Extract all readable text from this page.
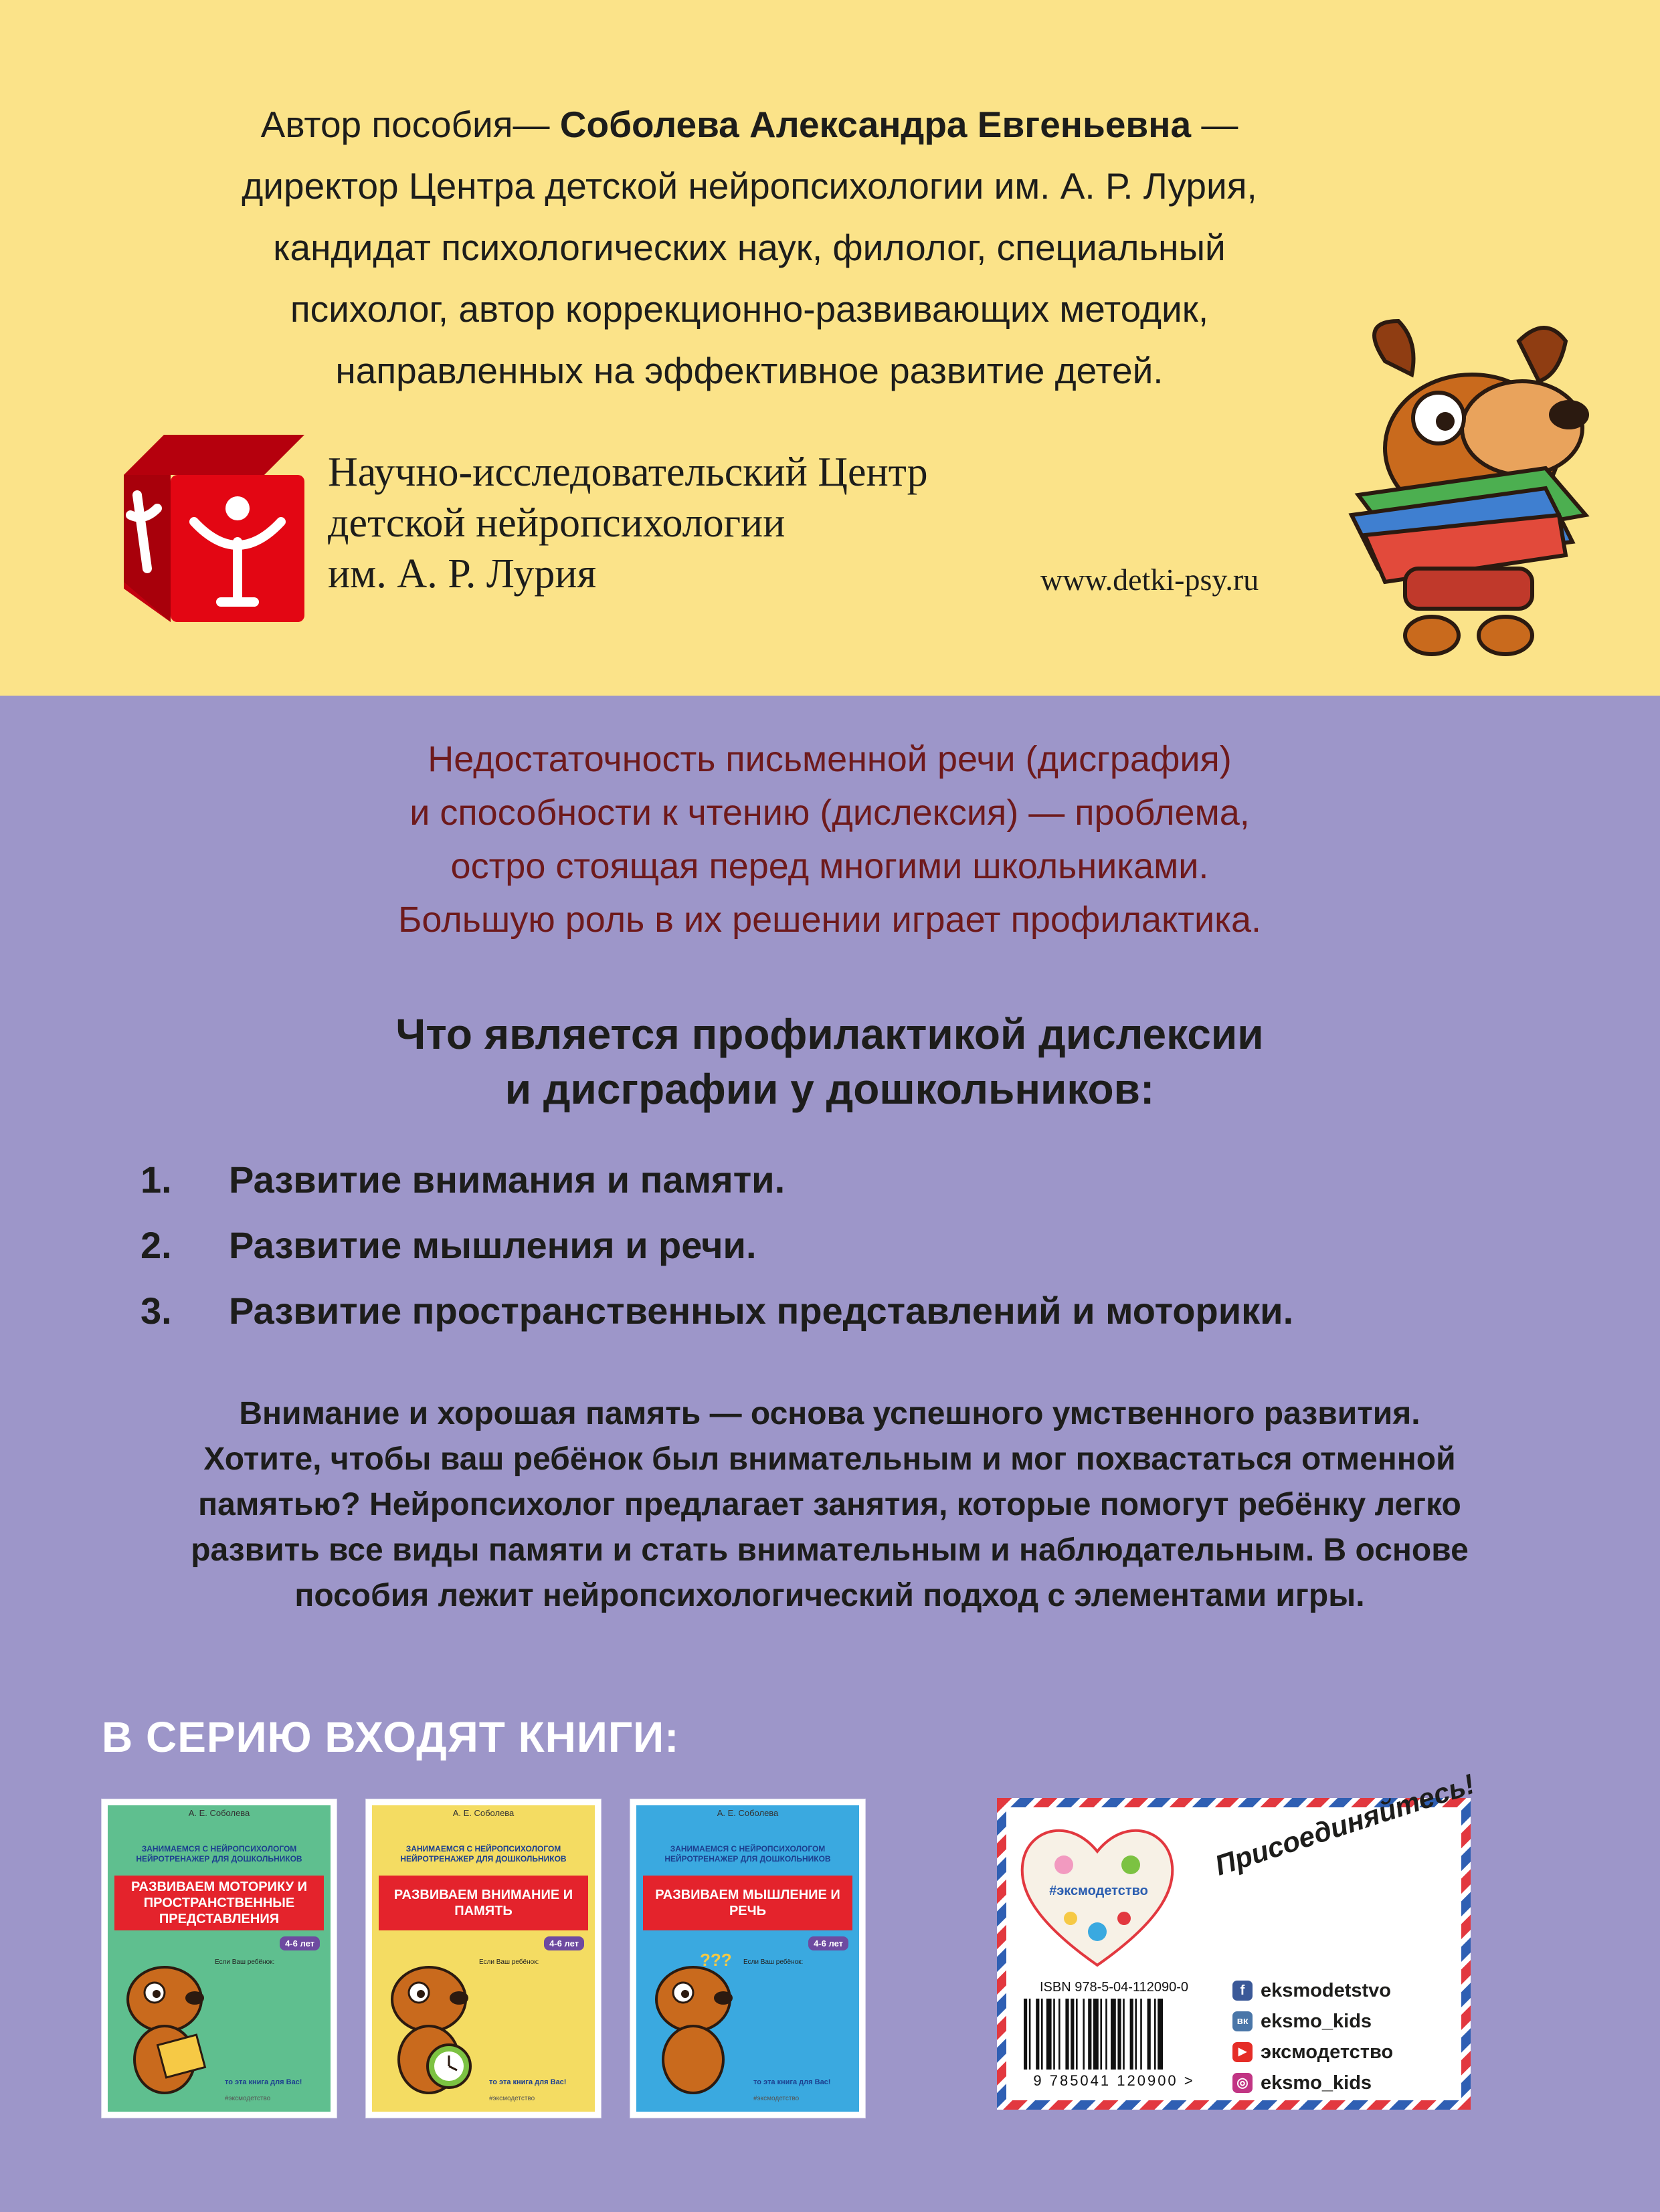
Автор пособия— Соболева Александра Евгеньевна —
директор Центра детской нейропсихологии им. А. Р. Лурия,
кандидат психологических наук, филолог, специальный
психолог, автор коррекционно-развивающих методик,
направленных на эффективное развитие детей.
Научно-исследовательский Центр
детской нейропсихологии
им. А. Р. Лурия	www.detki-psy.ru
Недостаточность письменной речи (дисграфия)
и способности к чтению (дислексия) — проблема,
остро стоящая перед многими школьниками.
Большую роль в их решении играет профилактика.
Что является профилактикой дислексии
и дисграфии у дошкольников:
1. Развитие внимания и памяти.
2. Развитие мышления и речи.
3. Развитие пространственных представлений и моторики.
Внимание и хорошая память — основа успешного умственного развития.
Хотите, чтобы ваш ребёнок был внимательным и мог похвастаться отменной
памятью? Нейропсихолог предлагает занятия, которые помогут ребёнку легко
развить все виды памяти и стать внимательным и наблюдательным. В основе
пособия лежит нейропсихологический подход с элементами игры.
В СЕРИЮ ВХОДЯТ КНИГИ:
А. Е. Соболева
ЗАНИМАЕМСЯ С НЕЙРОПСИХОЛОГОМ НЕЙРОТРЕНАЖЕР ДЛЯ ДОШКОЛЬНИКОВ
РАЗВИВАЕМ МОТОРИКУ И ПРОСТРАНСТВЕННЫЕ ПРЕДСТАВЛЕНИЯ
4-6 лет
Если Ваш ребёнок:
то эта книга для Вас!
#эксмодетство
А. Е. Соболева
ЗАНИМАЕМСЯ С НЕЙРОПСИХОЛОГОМ НЕЙРОТРЕНАЖЕР ДЛЯ ДОШКОЛЬНИКОВ
РАЗВИВАЕМ ВНИМАНИЕ И ПАМЯТЬ
4-6 лет
Если Ваш ребёнок:
то эта книга для Вас!
#эксмодетство
А. Е. Соболева
ЗАНИМАЕМСЯ С НЕЙРОПСИХОЛОГОМ НЕЙРОТРЕНАЖЕР ДЛЯ ДОШКОЛЬНИКОВ
РАЗВИВАЕМ МЫШЛЕНИЕ И РЕЧЬ
4-6 лет
??? Если Ваш ребёнок:
то эта книга для Вас!
#эксмодетство
#эксмодетство
Присоединяйтесь!
ISBN 978-5-04-112090-0
9 785041 120900 >
f eksmodetstvo
вк eksmo_kids
▶ эксмодетство
◎ eksmo_kids
